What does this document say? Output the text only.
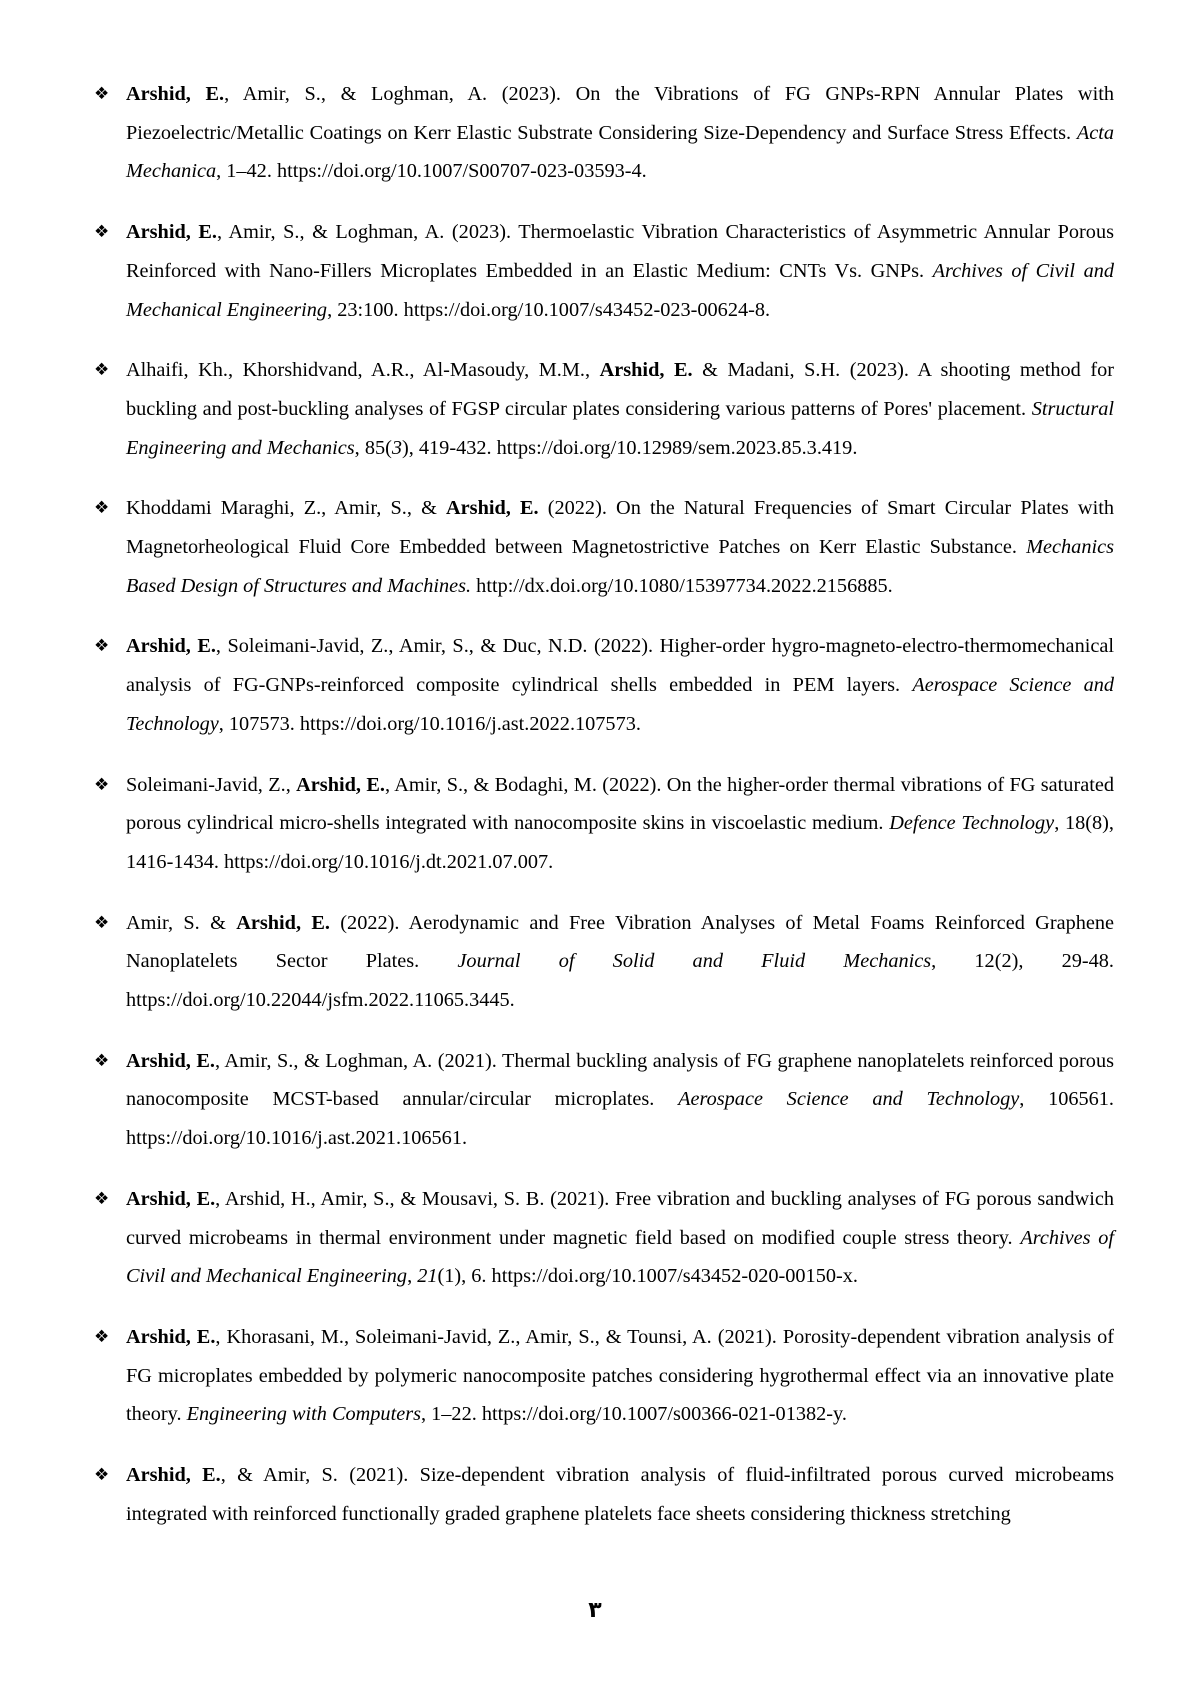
❖ Arshid, E., Amir, S., & Loghman, A. (2023). On the Vibrations of FG GNPs-RPN Annular Plates with Piezoelectric/Metallic Coatings on Kerr Elastic Substrate Considering Size-Dependency and Surface Stress Effects. Acta Mechanica, 1–42. https://doi.org/10.1007/S00707-023-03593-4.
❖ Arshid, E., Amir, S., & Loghman, A. (2023). Thermoelastic Vibration Characteristics of Asymmetric Annular Porous Reinforced with Nano-Fillers Microplates Embedded in an Elastic Medium: CNTs Vs. GNPs. Archives of Civil and Mechanical Engineering, 23:100. https://doi.org/10.1007/s43452-023-00624-8.
❖ Alhaifi, Kh., Khorshidvand, A.R., Al-Masoudy, M.M., Arshid, E. & Madani, S.H. (2023). A shooting method for buckling and post-buckling analyses of FGSP circular plates considering various patterns of Pores' placement. Structural Engineering and Mechanics, 85(3), 419-432. https://doi.org/10.12989/sem.2023.85.3.419.
❖ Khoddami Maraghi, Z., Amir, S., & Arshid, E. (2022). On the Natural Frequencies of Smart Circular Plates with Magnetorheological Fluid Core Embedded between Magnetostrictive Patches on Kerr Elastic Substance. Mechanics Based Design of Structures and Machines. http://dx.doi.org/10.1080/15397734.2022.2156885.
❖ Arshid, E., Soleimani-Javid, Z., Amir, S., & Duc, N.D. (2022). Higher-order hygro-magneto-electro-thermomechanical analysis of FG-GNPs-reinforced composite cylindrical shells embedded in PEM layers. Aerospace Science and Technology, 107573. https://doi.org/10.1016/j.ast.2022.107573.
❖ Soleimani-Javid, Z., Arshid, E., Amir, S., & Bodaghi, M. (2022). On the higher-order thermal vibrations of FG saturated porous cylindrical micro-shells integrated with nanocomposite skins in viscoelastic medium. Defence Technology, 18(8), 1416-1434. https://doi.org/10.1016/j.dt.2021.07.007.
❖ Amir, S. & Arshid, E. (2022). Aerodynamic and Free Vibration Analyses of Metal Foams Reinforced Graphene Nanoplatelets Sector Plates. Journal of Solid and Fluid Mechanics, 12(2), 29-48. https://doi.org/10.22044/jsfm.2022.11065.3445.
❖ Arshid, E., Amir, S., & Loghman, A. (2021). Thermal buckling analysis of FG graphene nanoplatelets reinforced porous nanocomposite MCST-based annular/circular microplates. Aerospace Science and Technology, 106561. https://doi.org/10.1016/j.ast.2021.106561.
❖ Arshid, E., Arshid, H., Amir, S., & Mousavi, S. B. (2021). Free vibration and buckling analyses of FG porous sandwich curved microbeams in thermal environment under magnetic field based on modified couple stress theory. Archives of Civil and Mechanical Engineering, 21(1), 6. https://doi.org/10.1007/s43452-020-00150-x.
❖ Arshid, E., Khorasani, M., Soleimani-Javid, Z., Amir, S., & Tounsi, A. (2021). Porosity-dependent vibration analysis of FG microplates embedded by polymeric nanocomposite patches considering hygrothermal effect via an innovative plate theory. Engineering with Computers, 1–22. https://doi.org/10.1007/s00366-021-01382-y.
❖ Arshid, E., & Amir, S. (2021). Size-dependent vibration analysis of fluid-infiltrated porous curved microbeams integrated with reinforced functionally graded graphene platelets face sheets considering thickness stretching
۳
